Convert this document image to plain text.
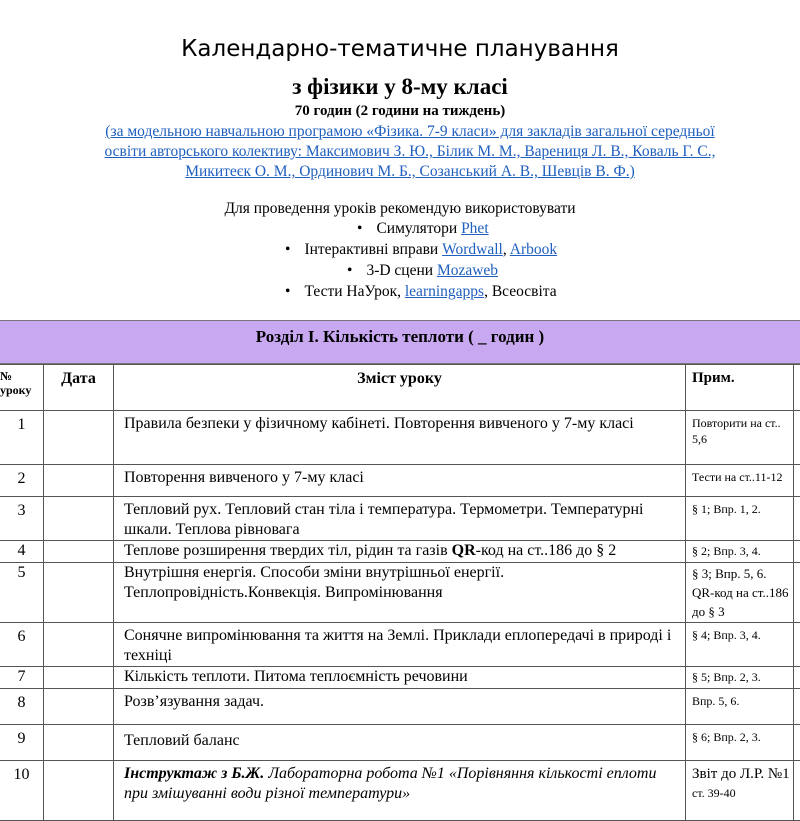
Календарно-тематичне планування
з фізики у 8-му класі
70 годин (2 години на тиждень)
(за модельною навчальною програмою «Фізика. 7-9 класи» для закладів загальної середньої освіти авторського колективу: Максимович З. Ю., Білик М. М., Варениця Л. В., Коваль Г. С., Микитеєк О. М., Ординович М. Б., Созанський А. В., Шевців В. Ф.)
Для проведення уроків рекомендую використовувати
• Симулятори Phet
• Інтерактивні вправи Wordwall, Arbook
• 3-D сцени Mozaweb
• Тести НаУрок, learningapps, Всеосвіта
Розділ І. Кількість теплоти ( _ годин )
№ уроку	Дата	Зміст уроку	Прим.	
1		Правила безпеки у фізичному кабінеті. Повторення вивченого у 7-му класі	Повторити на ст.. 5,6	
2		Повторення вивченого у 7-му класі	Тести на ст..11-12	
3		Тепловий рух. Тепловий стан тіла і температура. Термометри. Температурні шкали. Теплова рівновага	§ 1; Впр. 1, 2.	
4		Теплове розширення твердих тіл, рідин та газів QR-код на ст..186 до § 2	§ 2; Впр. 3, 4.	
5		Внутрішня енергія. Способи зміни внутрішньої енергії. Теплопровідність.Конвекція. Випромінювання	§ 3; Впр. 5, 6. QR-код на ст..186 до § 3	
6		Сонячне випромінювання та життя на Землі. Приклади еплопередачі в природі і техніці	§ 4; Впр. 3, 4.	
7		Кількість теплоти. Питома теплоємність речовини	§ 5; Впр. 2, 3.	
8		Розв’язування задач.	Впр. 5, 6.	
9		Тепловий баланс	§ 6; Впр. 2, 3.	
10		Інструктаж з Б.Ж. Лабораторна робота №1 «Порівняння кількості еплоти при змішуванні води різної температури»	Звіт до Л.Р. №1 ст. 39-40	
